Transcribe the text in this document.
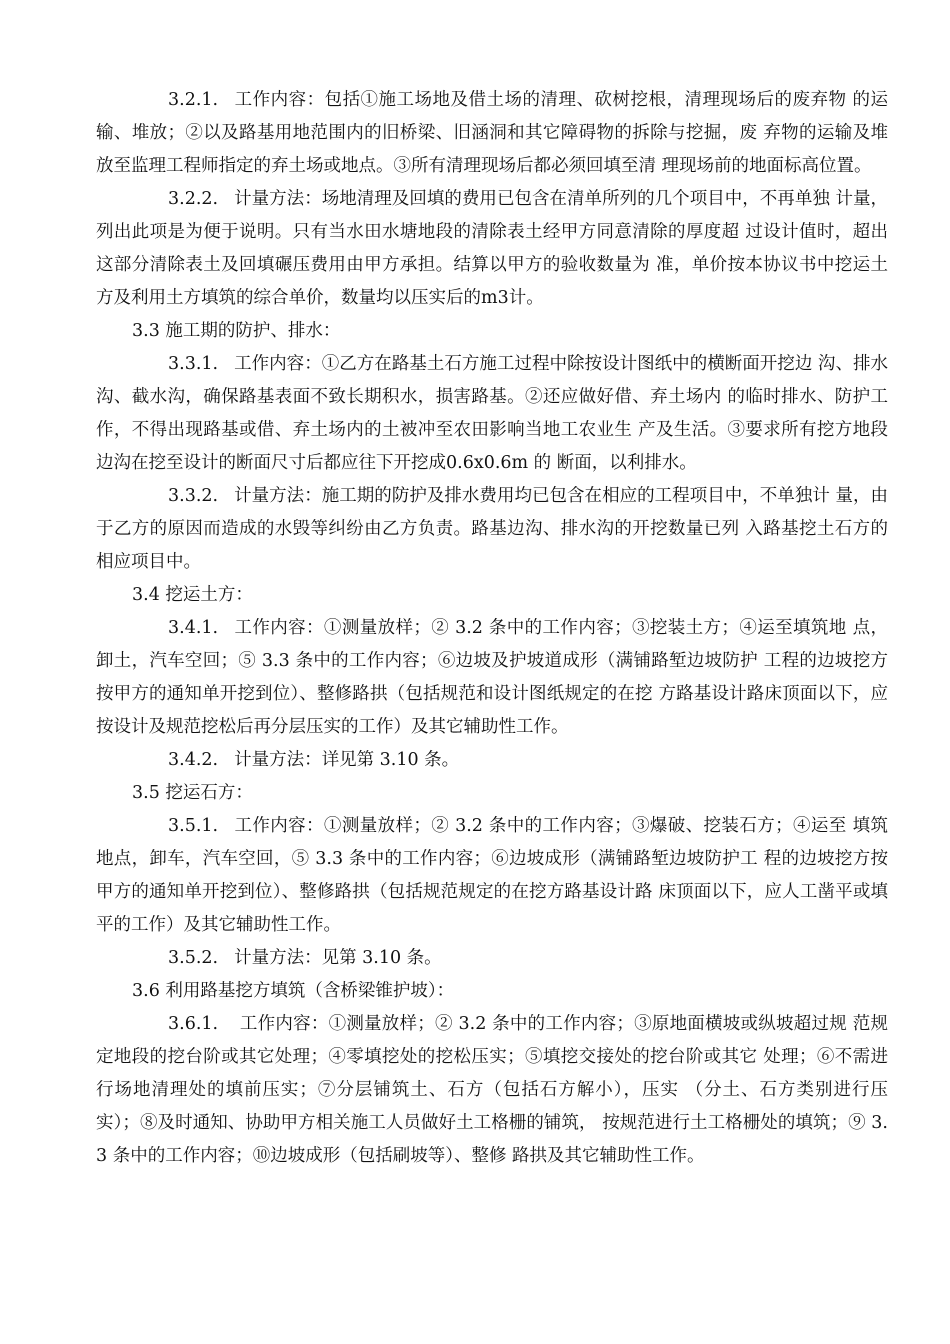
3.2.1. 工作内容：包括①施工场地及借土场的清理、砍树挖根，清理现场后的废弃物 的运输、堆放；②以及路基用地范围内的旧桥梁、旧涵洞和其它障碍物的拆除与挖掘，废 弃物的运输及堆放至监理工程师指定的弃土场或地点。③所有清理现场后都必须回填至清 理现场前的地面标高位置。

3.2.2. 计量方法：场地清理及回填的费用已包含在清单所列的几个项目中，不再单独 计量，列出此项是为便于说明。只有当水田水塘地段的清除表土经甲方同意清除的厚度超 过设计值时，超出这部分清除表土及回填碾压费用由甲方承担。结算以甲方的验收数量为 准，单价按本协议书中挖运土方及利用土方填筑的综合单价，数量均以压实后的m3计。

3.3 施工期的防护、排水：

3.3.1. 工作内容：①乙方在路基土石方施工过程中除按设计图纸中的横断面开挖边 沟、排水沟、截水沟，确保路基表面不致长期积水，损害路基。②还应做好借、弃土场内 的临时排水、防护工作，不得出现路基或借、弃土场内的土被冲至农田影响当地工农业生 产及生活。③要求所有挖方地段边沟在挖至设计的断面尺寸后都应往下开挖成0.6x0.6m 的 断面，以利排水。

3.3.2. 计量方法：施工期的防护及排水费用均已包含在相应的工程项目中，不单独计 量，由于乙方的原因而造成的水毁等纠纷由乙方负责。路基边沟、排水沟的开挖数量已列 入路基挖土石方的相应项目中。

3.4 挖运土方：

3.4.1. 工作内容：①测量放样；② 3.2 条中的工作内容；③挖装土方；④运至填筑地 点，卸土，汽车空回；⑤ 3.3 条中的工作内容；⑥边坡及护坡道成形（满铺路堑边坡防护 工程的边坡挖方按甲方的通知单开挖到位）、整修路拱（包括规范和设计图纸规定的在挖 方路基设计路床顶面以下，应按设计及规范挖松后再分层压实的工作）及其它辅助性工作。

3.4.2. 计量方法：详见第 3.10 条。

3.5 挖运石方：

3.5.1. 工作内容：①测量放样；② 3.2 条中的工作内容；③爆破、挖装石方；④运至 填筑地点，卸车，汽车空回，⑤ 3.3 条中的工作内容；⑥边坡成形（满铺路堑边坡防护工 程的边坡挖方按甲方的通知单开挖到位）、整修路拱（包括规范规定的在挖方路基设计路 床顶面以下，应人工凿平或填平的工作）及其它辅助性工作。

3.5.2. 计量方法：见第 3.10 条。

3.6 利用路基挖方填筑（含桥梁锥护坡）：

3.6.1. 工作内容：①测量放样；② 3.2 条中的工作内容；③原地面横坡或纵坡超过规 范规定地段的挖台阶或其它处理；④零填挖处的挖松压实；⑤填挖交接处的挖台阶或其它 处理；⑥不需进行场地清理处的填前压实；⑦分层铺筑土、石方（包括石方解小），压实 （分土、石方类别进行压实）；⑧及时通知、协助甲方相关施工人员做好土工格栅的铺筑， 按规范进行土工格栅处的填筑；⑨ 3.3 条中的工作内容；⑩边坡成形（包括刷坡等）、整修 路拱及其它辅助性工作。
